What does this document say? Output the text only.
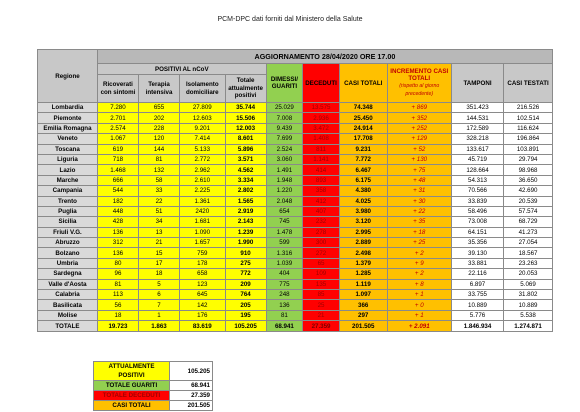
PCM-DPC dati forniti dal Ministero della Salute
Regione	AGGIORNAMENTO 28/04/2020 ORE 17.00									
	POSITIVI AL nCoV				DIMESSI/ GUARITI	DECEDUTI	CASI TOTALI	INCREMENTO CASI TOTALI
(rispetto al giorno precedente)	TAMPONI	CASI TESTATI
	Ricoverati con sintomi	Terapia intensiva	Isolamento domiciliare	Totale attualmente positivi						
Lombardia	7.280	655	27.809	35.744	25.029	13.575	74.348	+ 869	351.423	216.526
Piemonte	2.701	202	12.603	15.506	7.008	2.936	25.450	+ 352	144.531	102.514
Emilia Romagna	2.574	228	9.201	12.003	9.439	3.472	24.914	+ 252	172.589	116.624
Veneto	1.067	120	7.414	8.601	7.699	1.408	17.708	+ 129	328.218	196.864
Toscana	619	144	5.133	5.896	2.524	811	9.231	+ 52	133.617	103.891
Liguria	718	81	2.772	3.571	3.060	1.141	7.772	+ 130	45.719	29.794
Lazio	1.468	132	2.962	4.562	1.491	414	6.467	+ 75	128.664	98.968
Marche	666	58	2.610	3.334	1.948	893	6.175	+ 48	54.313	36.650
Campania	544	33	2.225	2.802	1.220	358	4.380	+ 31	70.566	42.690
Trento	182	22	1.361	1.565	2.048	412	4.025	+ 30	33.839	20.539
Puglia	448	51	2420	2.919	654	407	3.980	+ 22	58.496	57.574
Sicilia	428	34	1.681	2.143	745	232	3.120	+ 35	73.008	68.729
Friuli V.G.	136	13	1.090	1.239	1.478	278	2.995	+ 18	64.151	41.273
Abruzzo	312	21	1.657	1.990	599	300	2.889	+ 25	35.356	27.054
Bolzano	136	15	759	910	1.316	272	2.498	+ 2	39.130	18.567
Umbria	80	17	178	275	1.039	65	1.379	+ 9	33.881	23.263
Sardegna	96	18	658	772	404	109	1.285	+ 2	22.116	20.053
Valle d'Aosta	81	5	123	209	775	135	1.119	+ 8	6.897	5.069
Calabria	113	6	645	764	248	85	1.097	+ 1	33.755	31.802
Basilicata	56	7	142	205	136	25	366	+ 0	10.889	10.889
Molise	18	1	176	195	81	21	297	+ 1	5.776	5.538
TOTALE	19.723	1.863	83.619	105.205	68.941	27.359	201.505	+ 2.091	1.846.934	1.274.871
ATTUALMENTE POSITIVI	105.205
TOTALE GUARITI	68.941
TOTALE DECEDUTI	27.359
CASI TOTALI	201.505
